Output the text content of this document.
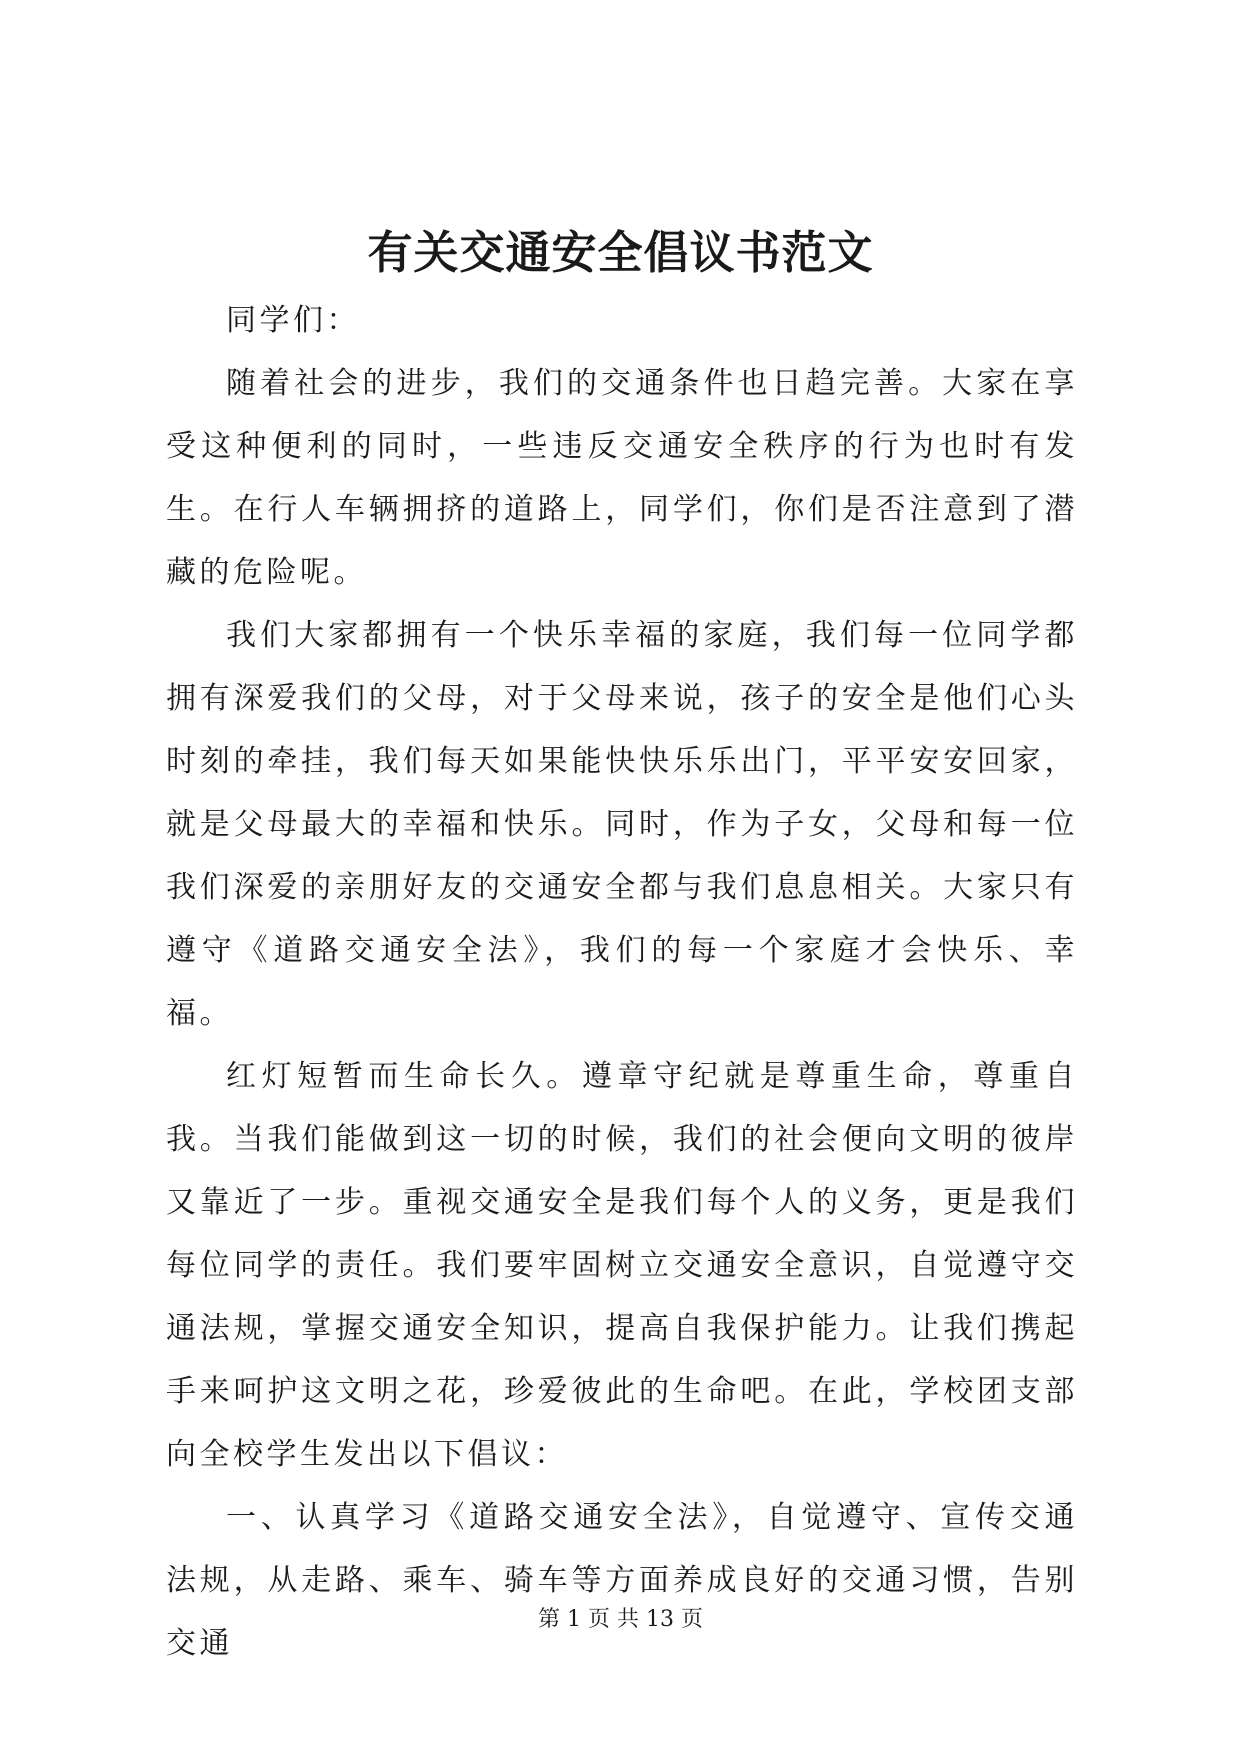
有关交通安全倡议书范文

同学们：

随着社会的进步，我们的交通条件也日趋完善。大家在享受这种便利的同时，一些违反交通安全秩序的行为也时有发生。在行人车辆拥挤的道路上，同学们，你们是否注意到了潜藏的危险呢。

我们大家都拥有一个快乐幸福的家庭，我们每一位同学都拥有深爱我们的父母，对于父母来说，孩子的安全是他们心头时刻的牵挂，我们每天如果能快快乐乐出门，平平安安回家，就是父母最大的幸福和快乐。同时，作为子女，父母和每一位我们深爱的亲朋好友的交通安全都与我们息息相关。大家只有遵守《道路交通安全法》，我们的每一个家庭才会快乐、幸福。

红灯短暂而生命长久。遵章守纪就是尊重生命，尊重自我。当我们能做到这一切的时候，我们的社会便向文明的彼岸又靠近了一步。重视交通安全是我们每个人的义务，更是我们每位同学的责任。我们要牢固树立交通安全意识，自觉遵守交通法规，掌握交通安全知识，提高自我保护能力。让我们携起手来呵护这文明之花，珍爱彼此的生命吧。在此，学校团支部向全校学生发出以下倡议：

一、认真学习《道路交通安全法》，自觉遵守、宣传交通法规，从走路、乘车、骑车等方面养成良好的交通习惯，告别交通

第 1 页 共 13 页
